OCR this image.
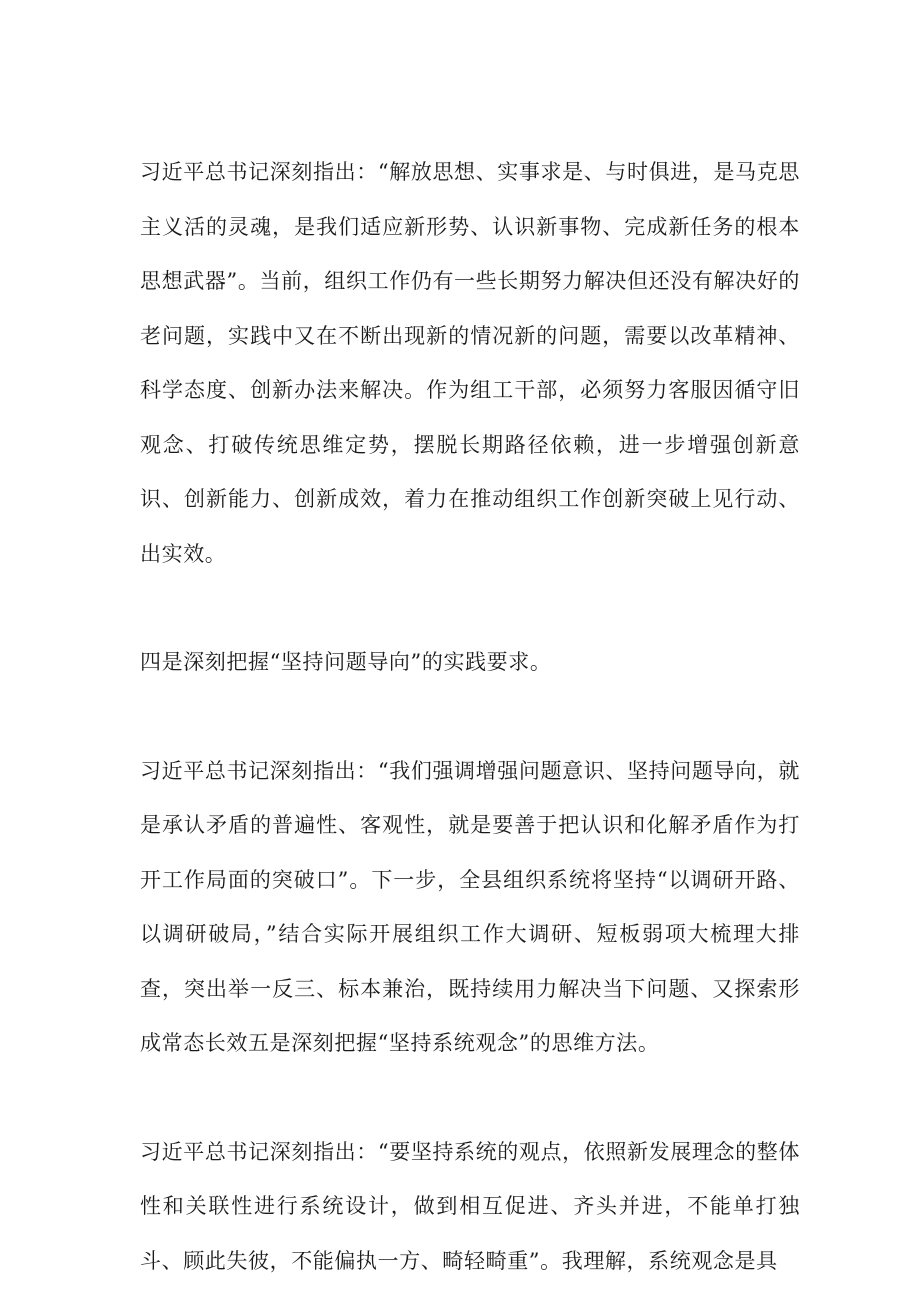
习近平总书记深刻指出：“解放思想、实事求是、与时俱进，是马克思主义活的灵魂，是我们适应新形势、认识新事物、完成新任务的根本思想武器”。当前，组织工作仍有一些长期努力解决但还没有解决好的老问题，实践中又在不断出现新的情况新的问题，需要以改革精神、科学态度、创新办法来解决。作为组工干部，必须努力客服因循守旧观念、打破传统思维定势，摆脱长期路径依赖，进一步增强创新意识、创新能力、创新成效，着力在推动组织工作创新突破上见行动、出实效。

四是深刻把握“坚持问题导向”的实践要求。

习近平总书记深刻指出：“我们强调增强问题意识、坚持问题导向，就是承认矛盾的普遍性、客观性，就是要善于把认识和化解矛盾作为打开工作局面的突破口”。下一步，全县组织系统将坚持“以调研开路、以调研破局，”结合实际开展组织工作大调研、短板弱项大梳理大排查，突出举一反三、标本兼治，既持续用力解决当下问题、又探索形成常态长效五是深刻把握“坚持系统观念”的思维方法。

习近平总书记深刻指出：“要坚持系统的观点，依照新发展理念的整体性和关联性进行系统设计，做到相互促进、齐头并进，不能单打独斗、顾此失彼，不能偏执一方、畸轻畸重”。我理解，系统观念是具
